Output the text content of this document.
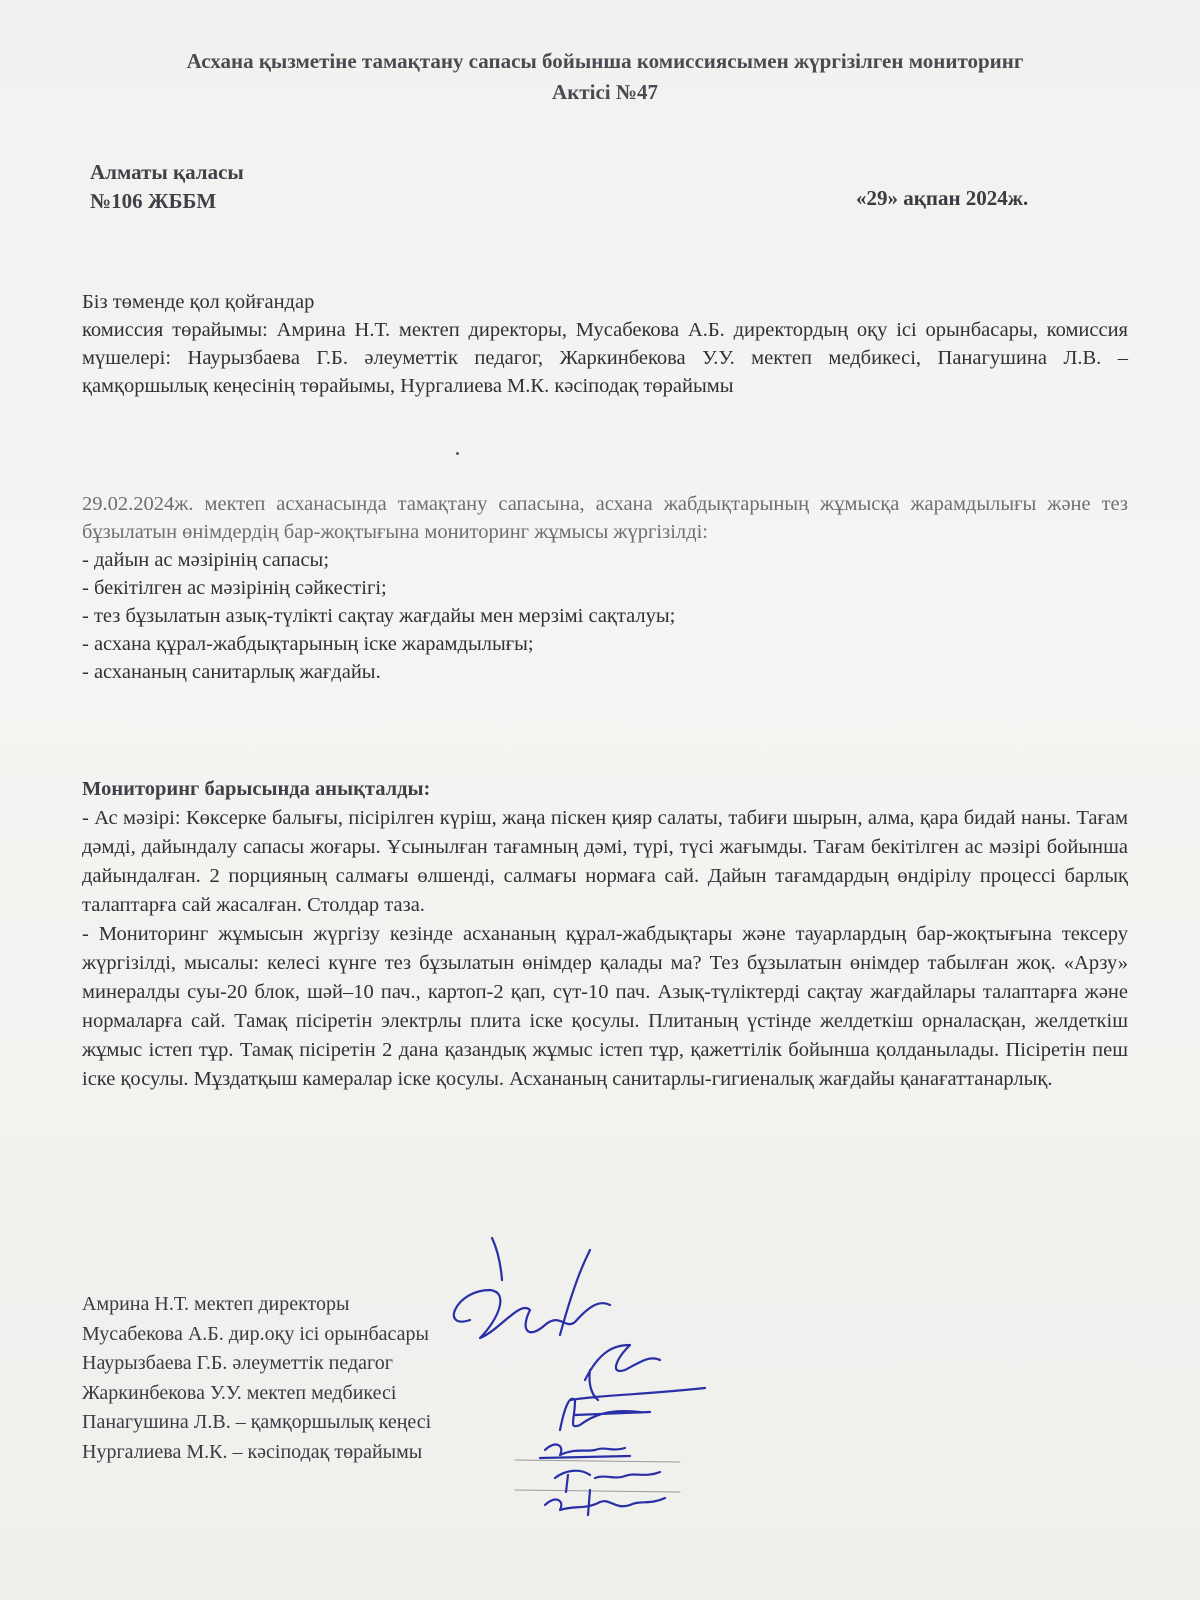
Асхана қызметіне тамақтану сапасы бойынша комиссиясымен жүргізілген мониторинг
Актісі №47
Алматы қаласы
№106 ЖББМ	«29» ақпан 2024ж.
Біз төменде қол қойғандар
комиссия төрайымы: Амрина Н.Т. мектеп директоры, Мусабекова А.Б. директордың оқу ісі орынбасары, комиссия мүшелері: Наурызбаева Г.Б. әлеуметтік педагог, Жаркинбекова У.У. мектеп медбикесі, Панагушина Л.В. – қамқоршылық кеңесінің төрайымы, Нургалиева М.К. кәсіподақ төрайымы
29.02.2024ж. мектеп асханасында тамақтану сапасына, асхана жабдықтарының жұмысқа жарамдылығы және тез бұзылатын өнімдердің бар-жоқтығына мониторинг жұмысы жүргізілді:
- дайын ас мәзірінің сапасы;
- бекітілген ас мәзірінің сәйкестігі;
- тез бұзылатын азық-түлікті сақтау жағдайы мен мерзімі сақталуы;
- асхана құрал-жабдықтарының іске жарамдылығы;
- асхананың санитарлық жағдайы.
Мониторинг барысында анықталды:

- Ас мәзірі: Көксерке балығы, пісірілген күріш, жаңа піскен қияр салаты, табиғи шырын, алма, қара бидай наны. Тағам дәмді, дайындалу сапасы жоғары. Ұсынылған тағамның дәмі, түрі, түсі жағымды. Тағам бекітілген ас мәзірі бойынша дайындалған. 2 порцияның салмағы өлшенді, салмағы нормаға сай. Дайын тағамдардың өндірілу процессі барлық талаптарға сай жасалған. Столдар таза.

- Мониторинг жұмысын жүргізу кезінде асхананың құрал-жабдықтары және тауарлардың бар-жоқтығына тексеру жүргізілді, мысалы: келесі күнге тез бұзылатын өнімдер қалады ма? Тез бұзылатын өнімдер табылған жоқ. «Арзу» минералды суы-20 блок, шәй–10 пач., картоп-2 қап, сүт-10 пач. Азық-түліктерді сақтау жағдайлары талаптарға және нормаларға сай. Тамақ пісіретін электрлы плита іске қосулы. Плитаның үстінде желдеткіш орналасқан, желдеткіш жұмыс істеп тұр. Тамақ пісіретін 2 дана қазандық жұмыс істеп тұр, қажеттілік бойынша қолданылады. Пісіретін пеш іске қосулы. Мұздатқыш камералар іске қосулы. Асхананың санитарлы-гигиеналық жағдайы қанағаттанарлық.

Амрина Н.Т. мектеп директоры
Мусабекова А.Б. дир.оқу ісі орынбасары
Наурызбаева Г.Б. әлеуметтік педагог
Жаркинбекова У.У. мектеп медбикесі
Панагушина Л.В. – қамқоршылық кеңесі
Нургалиева М.К. – кәсіподақ төрайымы
